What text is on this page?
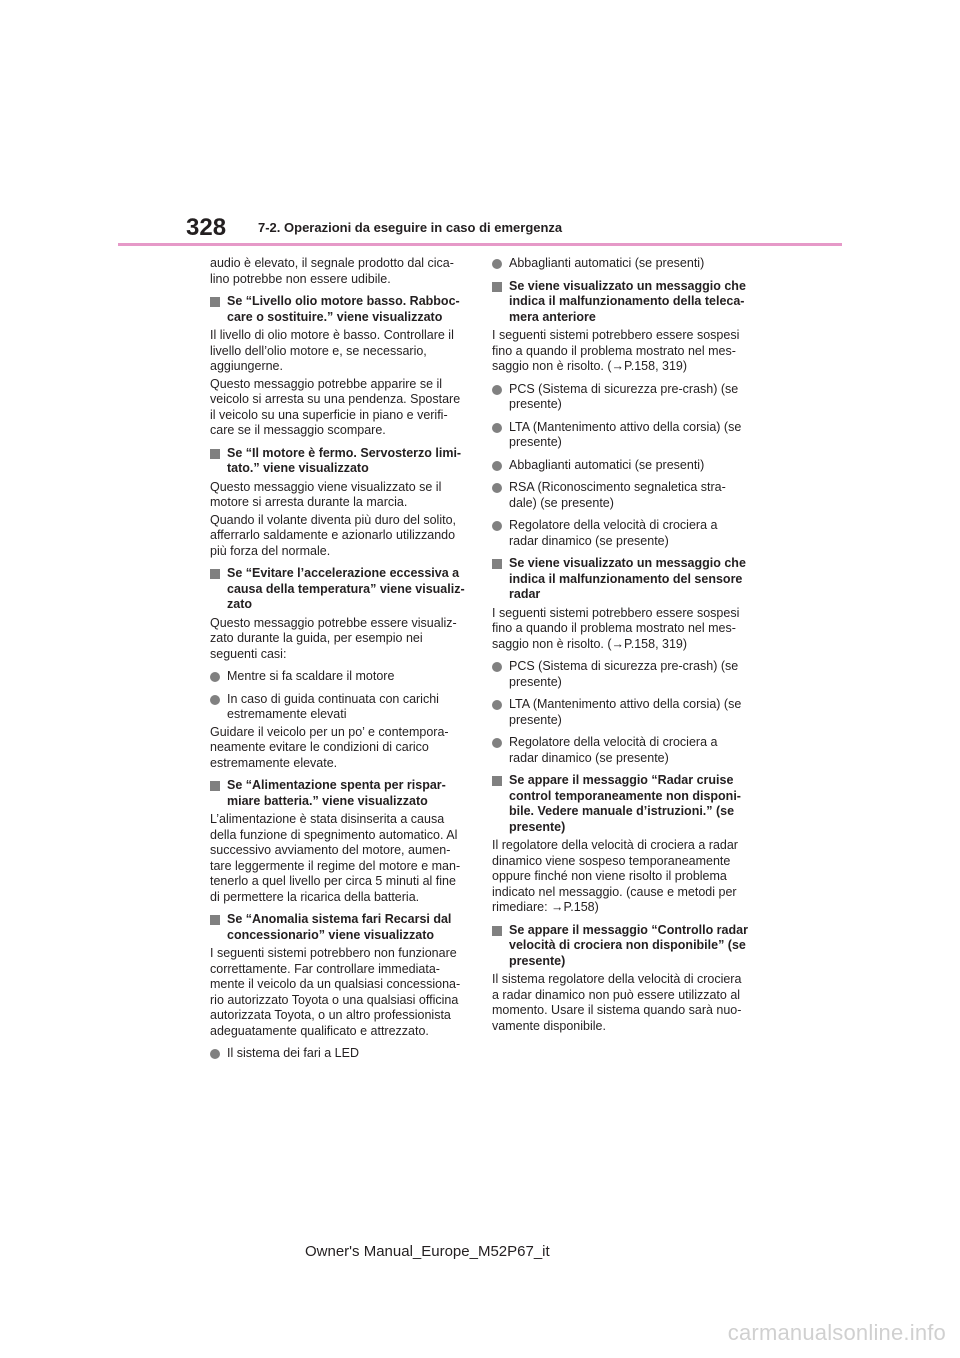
328 7-2. Operazioni da eseguire in caso di emergenza
audio è elevato, il segnale prodotto dal cica- lino potrebbe non essere udibile.
Se “Livello olio motore basso. Rabboc- care o sostituire.” viene visualizzato
Il livello di olio motore è basso. Controllare il livello dell’olio motore e, se necessario, aggiungerne.
Questo messaggio potrebbe apparire se il veicolo si arresta su una pendenza. Spostare il veicolo su una superficie in piano e verifi- care se il messaggio scompare.
Se “Il motore è fermo. Servosterzo limi- tato.” viene visualizzato
Questo messaggio viene visualizzato se il motore si arresta durante la marcia.
Quando il volante diventa più duro del solito, afferrarlo saldamente e azionarlo utilizzando più forza del normale.
Se “Evitare l’accelerazione eccessiva a causa della temperatura” viene visualiz- zato
Questo messaggio potrebbe essere visualiz- zato durante la guida, per esempio nei seguenti casi:
Mentre si fa scaldare il motore
In caso di guida continuata con carichi estremamente elevati
Guidare il veicolo per un po’ e contempora- neamente evitare le condizioni di carico estremamente elevate.
Se “Alimentazione spenta per rispar- miare batteria.” viene visualizzato
L’alimentazione è stata disinserita a causa della funzione di spegnimento automatico. Al successivo avviamento del motore, aumen- tare leggermente il regime del motore e man- tenerlo a quel livello per circa 5 minuti al fine di permettere la ricarica della batteria.
Se “Anomalia sistema fari Recarsi dal concessionario” viene visualizzato
I seguenti sistemi potrebbero non funzionare correttamente. Far controllare immediata- mente il veicolo da un qualsiasi concessiona- rio autorizzato Toyota o una qualsiasi officina autorizzata Toyota, o un altro professionista adeguatamente qualificato e attrezzato.
Il sistema dei fari a LED
Abbaglianti automatici (se presenti)
Se viene visualizzato un messaggio che indica il malfunzionamento della teleca- mera anteriore
I seguenti sistemi potrebbero essere sospesi fino a quando il problema mostrato nel mes- saggio non è risolto. (→P.158, 319)
PCS (Sistema di sicurezza pre-crash) (se presente)
LTA (Mantenimento attivo della corsia) (se presente)
Abbaglianti automatici (se presenti)
RSA (Riconoscimento segnaletica stra- dale) (se presente)
Regolatore della velocità di crociera a radar dinamico (se presente)
Se viene visualizzato un messaggio che indica il malfunzionamento del sensore radar
I seguenti sistemi potrebbero essere sospesi fino a quando il problema mostrato nel mes- saggio non è risolto. (→P.158, 319)
PCS (Sistema di sicurezza pre-crash) (se presente)
LTA (Mantenimento attivo della corsia) (se presente)
Regolatore della velocità di crociera a radar dinamico (se presente)
Se appare il messaggio “Radar cruise control temporaneamente non disponi- bile. Vedere manuale d’istruzioni.” (se presente)
Il regolatore della velocità di crociera a radar dinamico viene sospeso temporaneamente oppure finché non viene risolto il problema indicato nel messaggio. (cause e metodi per rimediare: →P.158)
Se appare il messaggio “Controllo radar velocità di crociera non disponibile” (se presente)
Il sistema regolatore della velocità di crociera a radar dinamico non può essere utilizzato al momento. Usare il sistema quando sarà nuo- vamente disponibile.
Owner's Manual_Europe_M52P67_it
carmanualsonline.info
